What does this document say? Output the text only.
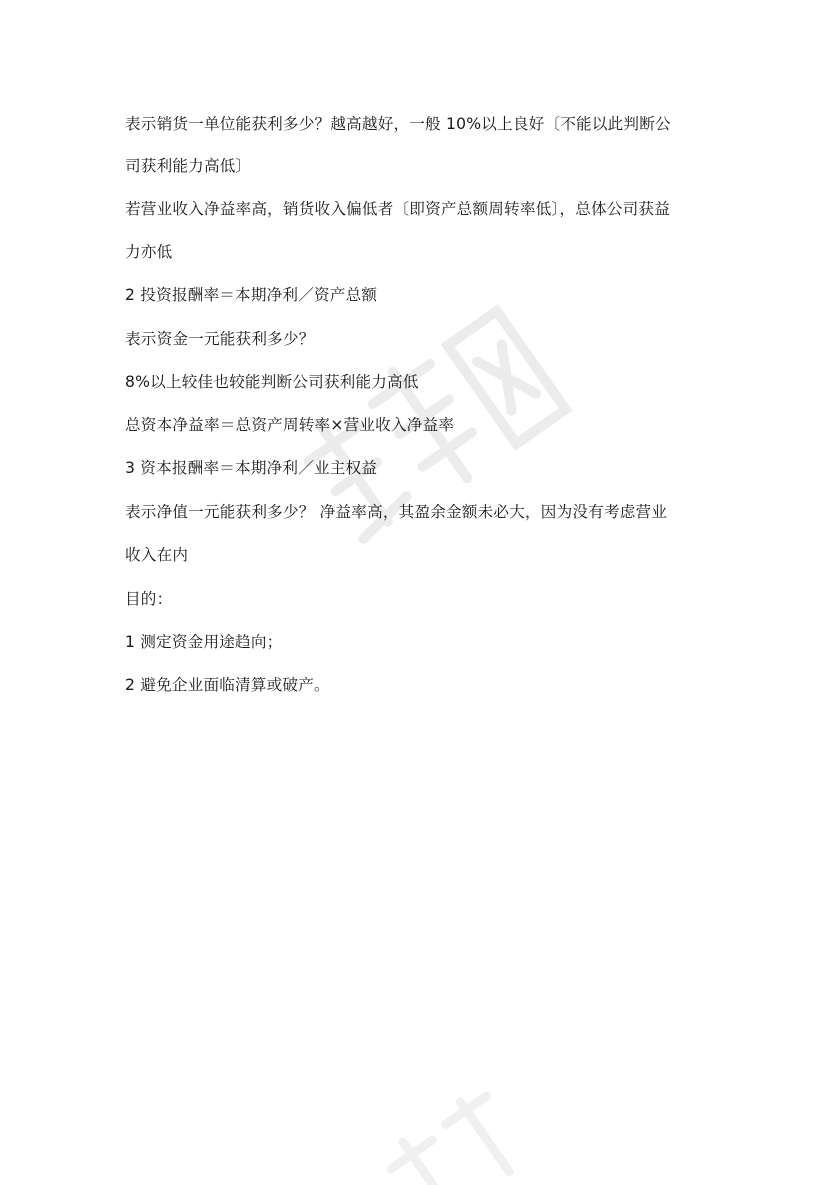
表示销货一单位能获利多少？越高越好，一般 10%以上良好〔不能以此判断公
司获利能力高低〕
若营业收入净益率高，销货收入偏低者〔即资产总额周转率低〕，总体公司获益
力亦低
2 投资报酬率＝本期净利／资产总额
表示资金一元能获利多少？
8%以上较佳也较能判断公司获利能力高低
总资本净益率＝总资产周转率×营业收入净益率
3 资本报酬率＝本期净利／业主权益
表示净值一元能获利多少？ 净益率高，其盈余金额未必大，因为没有考虑营业
收入在内
目的：
1 测定资金用途趋向；
2 避免企业面临清算或破产。
